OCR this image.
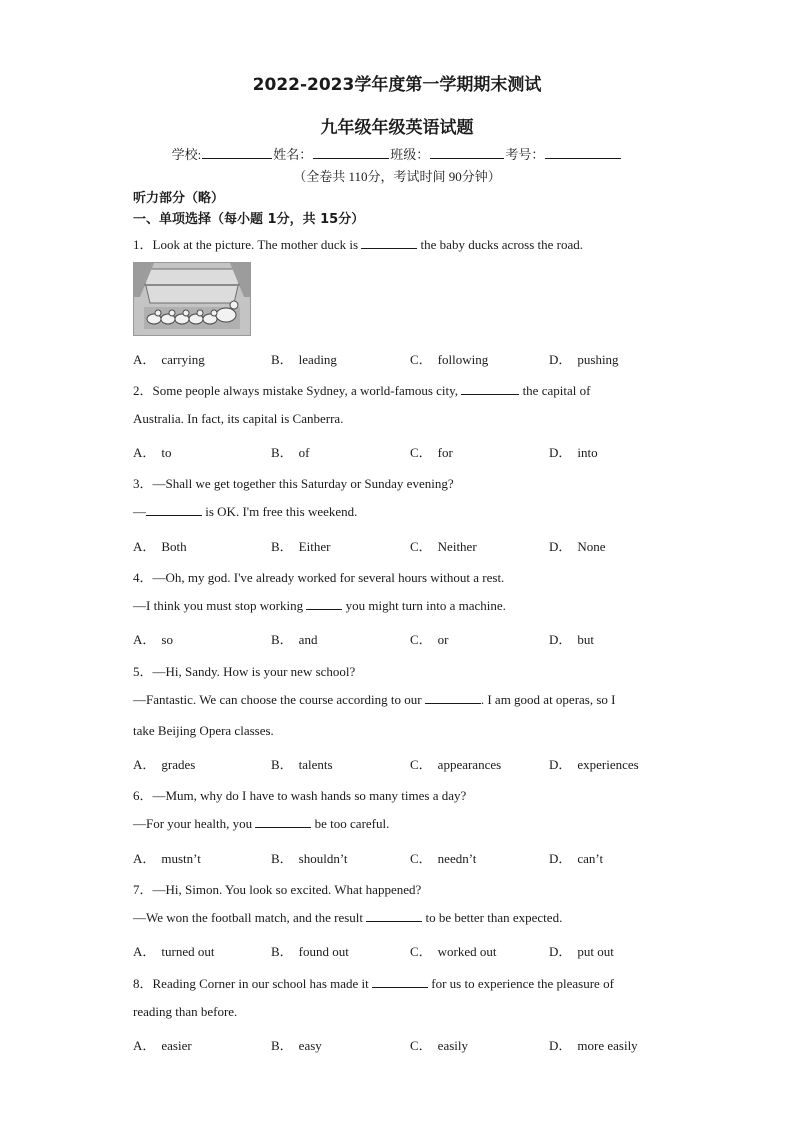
2022-2023学年度第一学期期末测试
九年级年级英语试题
学校:	姓名：	班级：	考号：
（全卷共 110分，考试时间 90分钟）
听力部分（略）
一、单项选择（每小题 1分，共 15分）
1．Look at the picture. The mother duck is	the baby ducks across the road.
A． carrying	B． leading	C． following	D． pushing
2．Some people always mistake Sydney, a world-famous city,	the capital of
Australia. In fact, its capital is Canberra.
A． to	B． of	C． for	D． into
3．—Shall we get together this Saturday or Sunday evening?
—	is OK. I'm free this weekend.
A． Both	B． Either	C． Neither	D． None
4．—Oh, my god. I've already worked for several hours without a rest.
—I think you must stop working	you might turn into a machine.
A． so	B． and	C． or	D． but
5．—Hi, Sandy. How is your new school?
—Fantastic. We can choose the course according to our	. I am good at operas, so I
take Beijing Opera classes.
A． grades	B． talents	C． appearances	D． experiences
6．—Mum, why do I have to wash hands so many times a day?
—For your health, you	be too careful.
A． mustn’t	B． shouldn’t	C． needn’t	D． can’t
7．—Hi, Simon. You look so excited. What happened?
—We won the football match, and the result	to be better than expected.
A． turned out	B． found out	C． worked out	D． put out
8．Reading Corner in our school has made it	for us to experience the pleasure of
reading than before.
A． easier	B． easy	C． easily	D． more easily
